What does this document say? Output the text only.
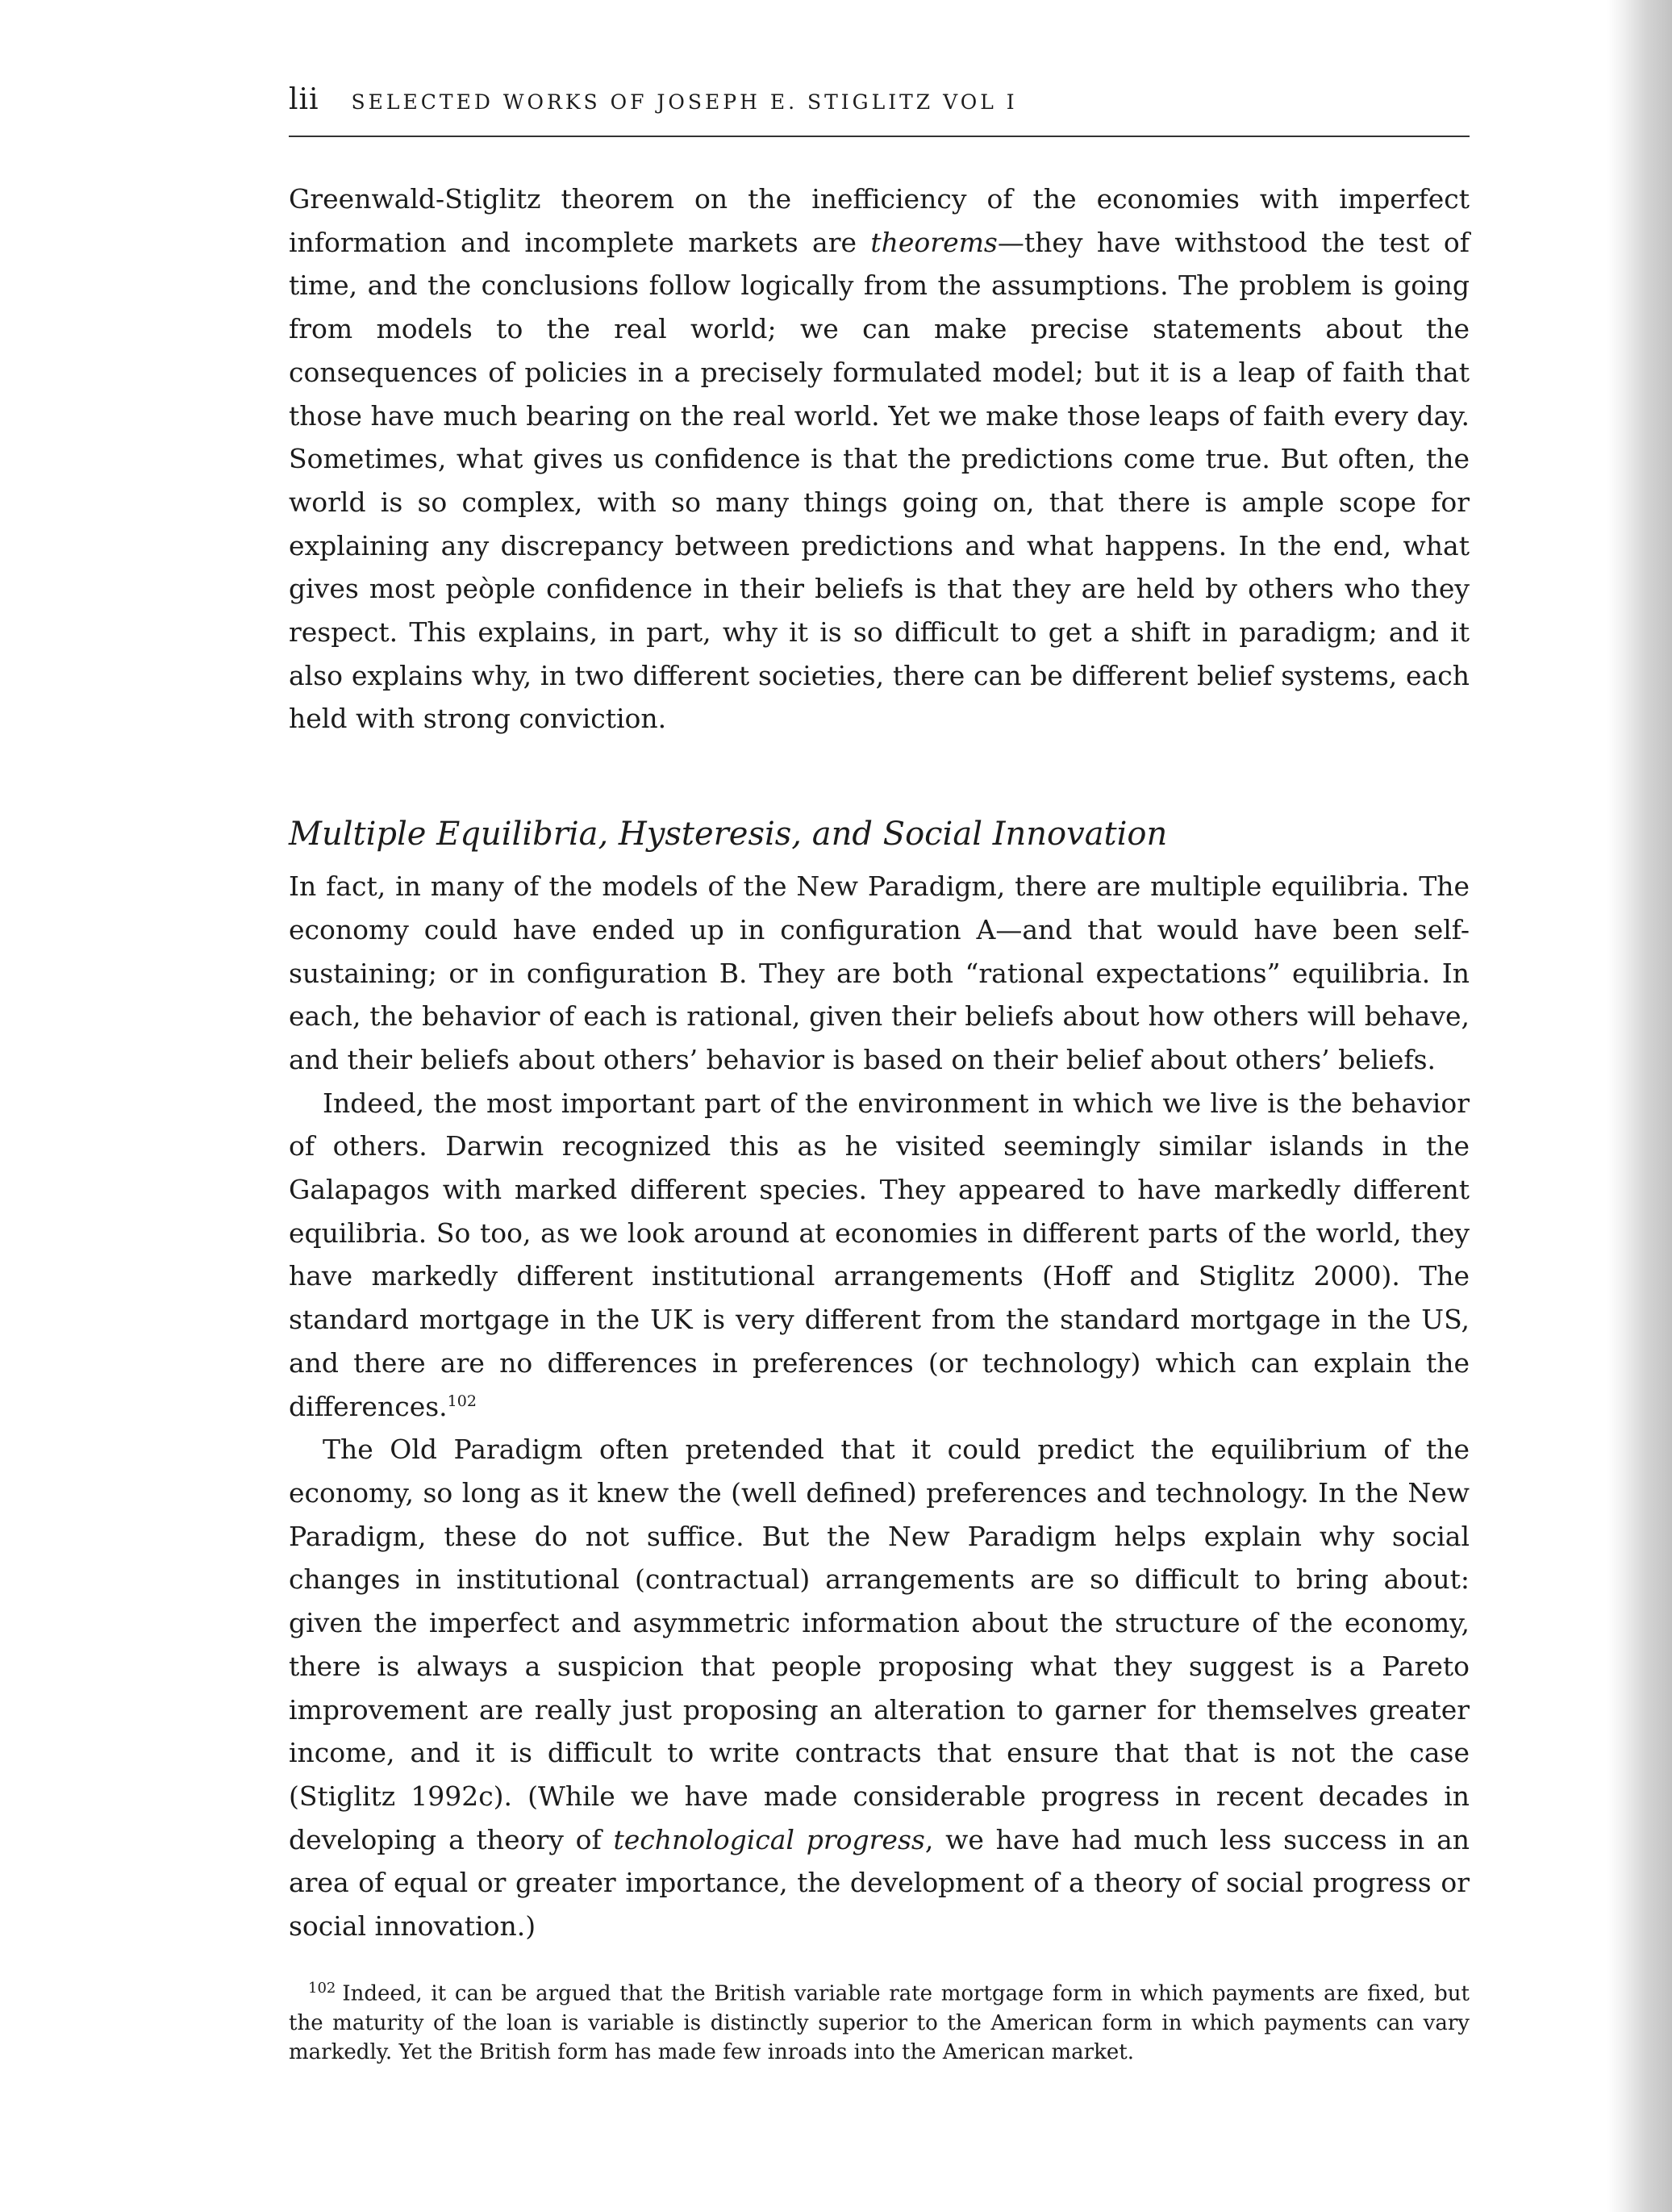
lii SELECTED WORKS OF JOSEPH E. STIGLITZ VOL I

Greenwald-Stiglitz theorem on the inefficiency of the economies with imperfect information and incomplete markets are theorems—they have withstood the test of time, and the conclusions follow logically from the assumptions. The problem is going from models to the real world; we can make precise statements about the consequences of policies in a precisely formulated model; but it is a leap of faith that those have much bearing on the real world. Yet we make those leaps of faith every day. Sometimes, what gives us confidence is that the predictions come true. But often, the world is so complex, with so many things going on, that there is ample scope for explaining any discrepancy between predictions and what happens. In the end, what gives most peòple confidence in their beliefs is that they are held by others who they respect. This explains, in part, why it is so difficult to get a shift in paradigm; and it also explains why, in two different societies, there can be different belief systems, each held with strong conviction.

Multiple Equilibria, Hysteresis, and Social Innovation

In fact, in many of the models of the New Paradigm, there are multiple equilibria. The economy could have ended up in configuration A—and that would have been self-sustaining; or in configuration B. They are both “rational expectations” equilibria. In each, the behavior of each is rational, given their beliefs about how others will behave, and their beliefs about others’ behavior is based on their belief about others’ beliefs.

Indeed, the most important part of the environment in which we live is the behavior of others. Darwin recognized this as he visited seemingly similar islands in the Galapagos with marked different species. They appeared to have markedly different equilibria. So too, as we look around at economies in different parts of the world, they have markedly different institutional arrangements (Hoff and Stiglitz 2000). The standard mortgage in the UK is very different from the standard mortgage in the US, and there are no differences in preferences (or technology) which can explain the differences.$^{102}$

The Old Paradigm often pretended that it could predict the equilibrium of the economy, so long as it knew the (well defined) preferences and technology. In the New Paradigm, these do not suffice. But the New Paradigm helps explain why social changes in institutional (contractual) arrangements are so difficult to bring about: given the imperfect and asymmetric information about the structure of the economy, there is always a suspicion that people proposing what they suggest is a Pareto improvement are really just proposing an alteration to garner for themselves greater income, and it is difficult to write contracts that ensure that that is not the case (Stiglitz 1992c). (While we have made considerable progress in recent decades in developing a theory of technological progress, we have had much less success in an area of equal or greater importance, the development of a theory of social progress or social innovation.)

$^{102}$ Indeed, it can be argued that the British variable rate mortgage form in which payments are fixed, but the maturity of the loan is variable is distinctly superior to the American form in which payments can vary markedly. Yet the British form has made few inroads into the American market.
